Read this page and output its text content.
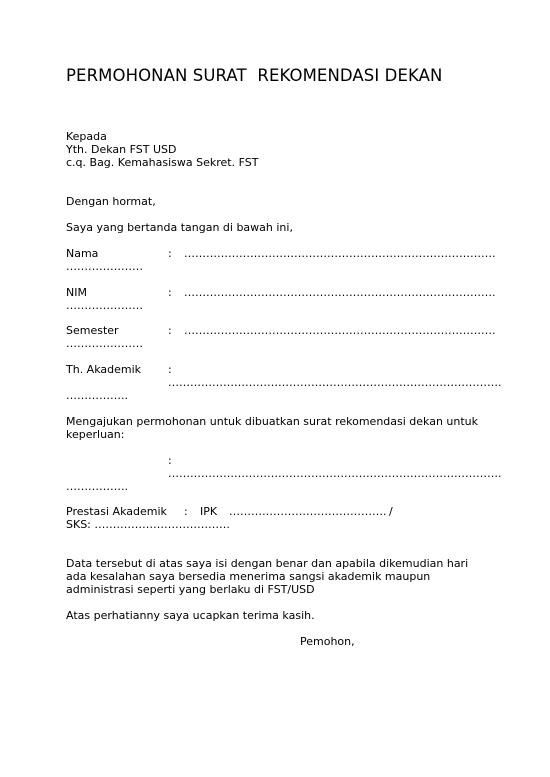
PERMOHONAN SURAT  REKOMENDASI DEKAN
Kepada
Yth. Dekan FST USD
c.q. Bag. Kemahasiswa Sekret. FST
Dengan hormat,
Saya yang bertanda tangan di bawah ini,
Nama	: ………………………………………………………………………….
…………………
NIM	: ………………………………………………………………………….
…………………
Semester	: ………………………………………………………………………….
…………………
Th. Akademik :
……………………………………………………………………………….
……………..
Mengajukan permohonan untuk dibuatkan surat rekomendasi dekan untuk
keperluan:
:
……………………………………………………………………………….
……………..
Prestasi Akademik : IPK ……………………………………. /
SKS: ……………………………….
Data tersebut di atas saya isi dengan benar dan apabila dikemudian hari
ada kesalahan saya bersedia menerima sangsi akademik maupun
administrasi seperti yang berlaku di FST/USD
Atas perhatianny saya ucapkan terima kasih.
Pemohon,
